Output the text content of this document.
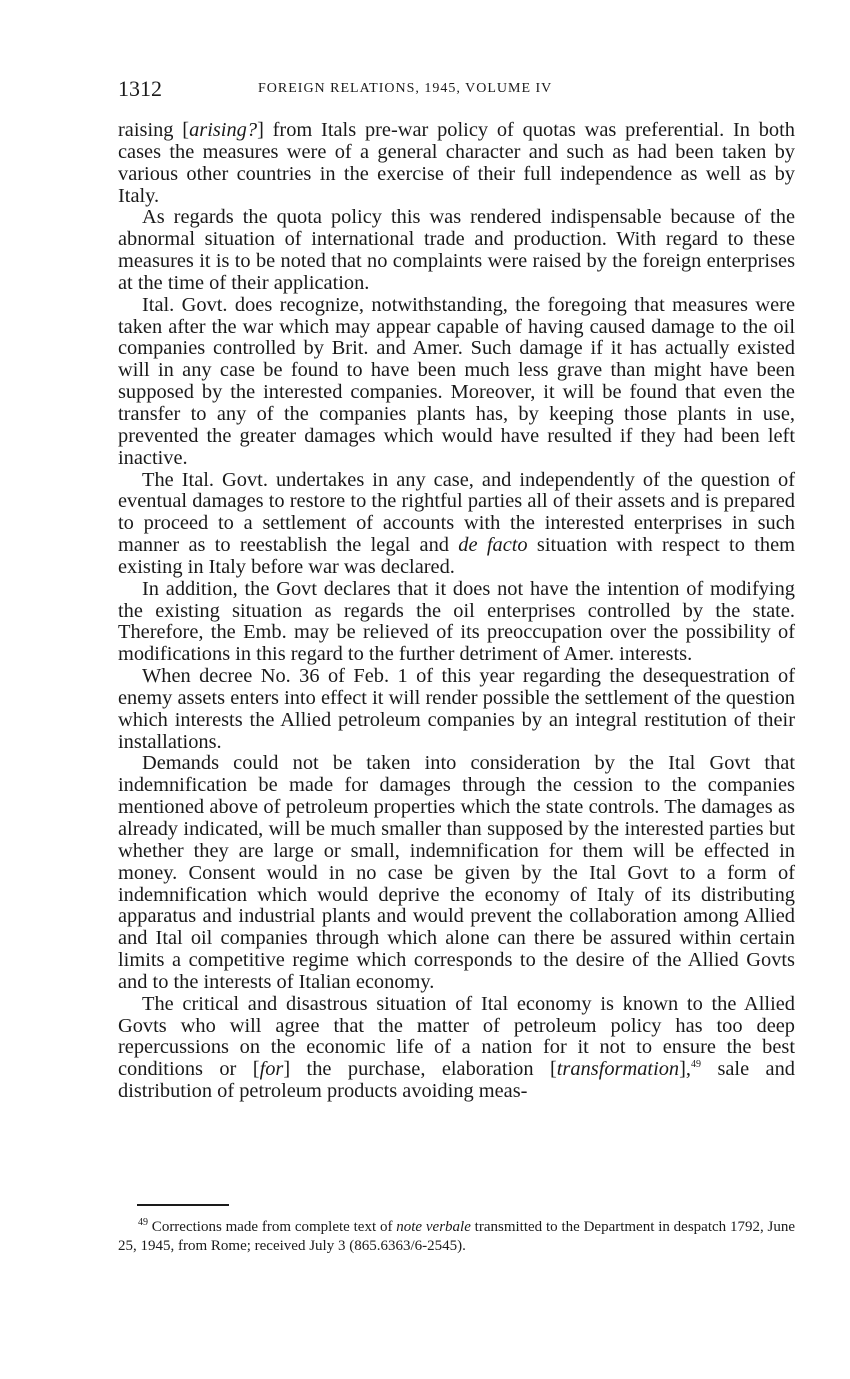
1312	FOREIGN RELATIONS, 1945, VOLUME IV

raising [arising?] from Itals pre-war policy of quotas was preferential. In both cases the measures were of a general character and such as had been taken by various other countries in the exercise of their full independence as well as by Italy.

As regards the quota policy this was rendered indispensable because of the abnormal situation of international trade and production. With regard to these measures it is to be noted that no complaints were raised by the foreign enterprises at the time of their application.

Ital. Govt. does recognize, notwithstanding, the foregoing that measures were taken after the war which may appear capable of having caused damage to the oil companies controlled by Brit. and Amer. Such damage if it has actually existed will in any case be found to have been much less grave than might have been supposed by the interested companies. Moreover, it will be found that even the transfer to any of the companies plants has, by keeping those plants in use, prevented the greater damages which would have resulted if they had been left inactive.

The Ital. Govt. undertakes in any case, and independently of the question of eventual damages to restore to the rightful parties all of their assets and is prepared to proceed to a settlement of accounts with the interested enterprises in such manner as to reestablish the legal and de facto situation with respect to them existing in Italy before war was declared.

In addition, the Govt declares that it does not have the intention of modifying the existing situation as regards the oil enterprises controlled by the state. Therefore, the Emb. may be relieved of its preoccupation over the possibility of modifications in this regard to the further detriment of Amer. interests.

When decree No. 36 of Feb. 1 of this year regarding the desequestration of enemy assets enters into effect it will render possible the settlement of the question which interests the Allied petroleum companies by an integral restitution of their installations.

Demands could not be taken into consideration by the Ital Govt that indemnification be made for damages through the cession to the companies mentioned above of petroleum properties which the state controls. The damages as already indicated, will be much smaller than supposed by the interested parties but whether they are large or small, indemnification for them will be effected in money. Consent would in no case be given by the Ital Govt to a form of indemnification which would deprive the economy of Italy of its distributing apparatus and industrial plants and would prevent the collaboration among Allied and Ital oil companies through which alone can there be assured within certain limits a competitive regime which corresponds to the desire of the Allied Govts and to the interests of Italian economy.

The critical and disastrous situation of Ital economy is known to the Allied Govts who will agree that the matter of petroleum policy has too deep repercussions on the economic life of a nation for it not to ensure the best conditions or [for] the purchase, elaboration [transformation],$^{49}$ sale and distribution of petroleum products avoiding meas-

$^{49}$ Corrections made from complete text of note verbale transmitted to the Department in despatch 1792, June 25, 1945, from Rome; received July 3 (865.6363/6-2545).
